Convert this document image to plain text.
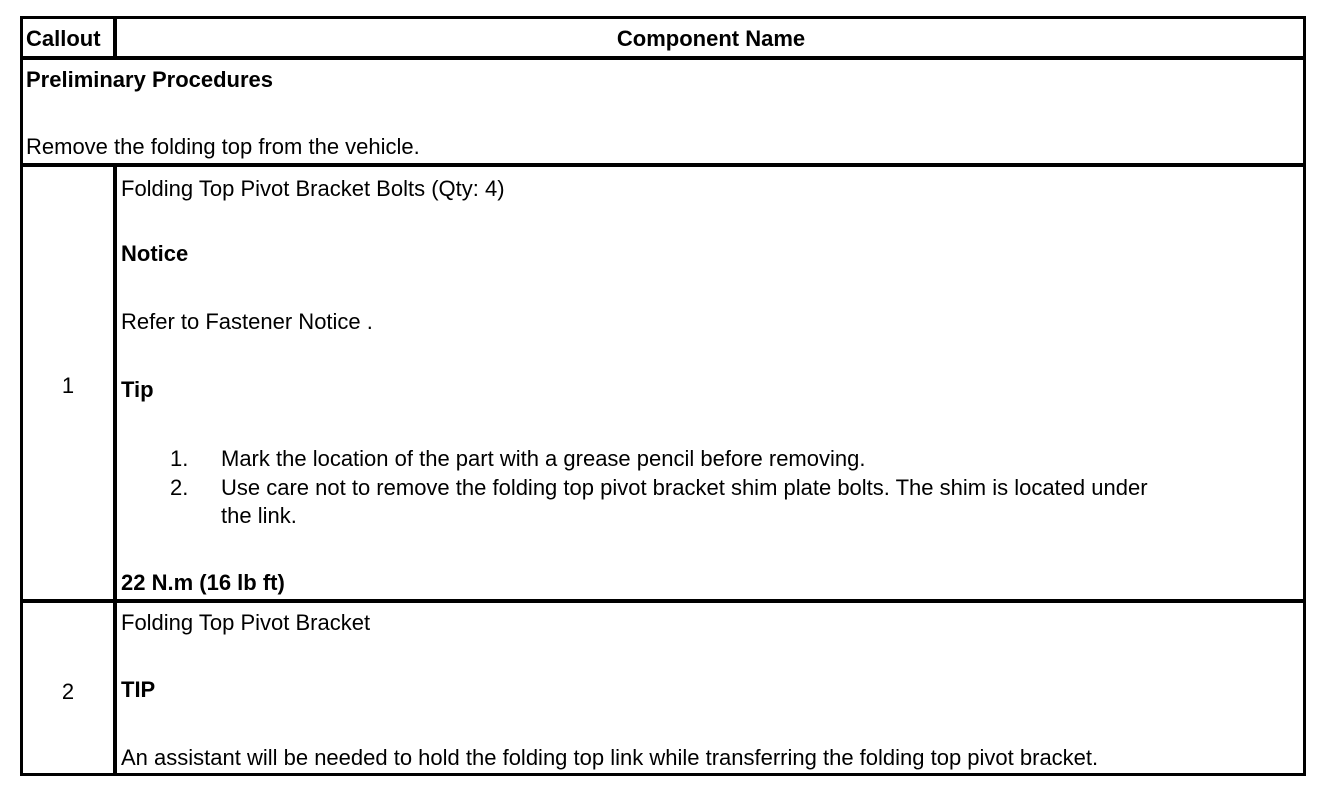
Callout	Component Name
Preliminary Procedures
Remove the folding top from the vehicle.
1
Folding Top Pivot Bracket Bolts (Qty: 4)
Notice
Refer to Fastener Notice .
Tip
1. Mark the location of the part with a grease pencil before removing.
2. Use care not to remove the folding top pivot bracket shim plate bolts. The shim is located under
the link.
22 N.m (16 lb ft)
2
Folding Top Pivot Bracket
TIP
An assistant will be needed to hold the folding top link while transferring the folding top pivot bracket.
